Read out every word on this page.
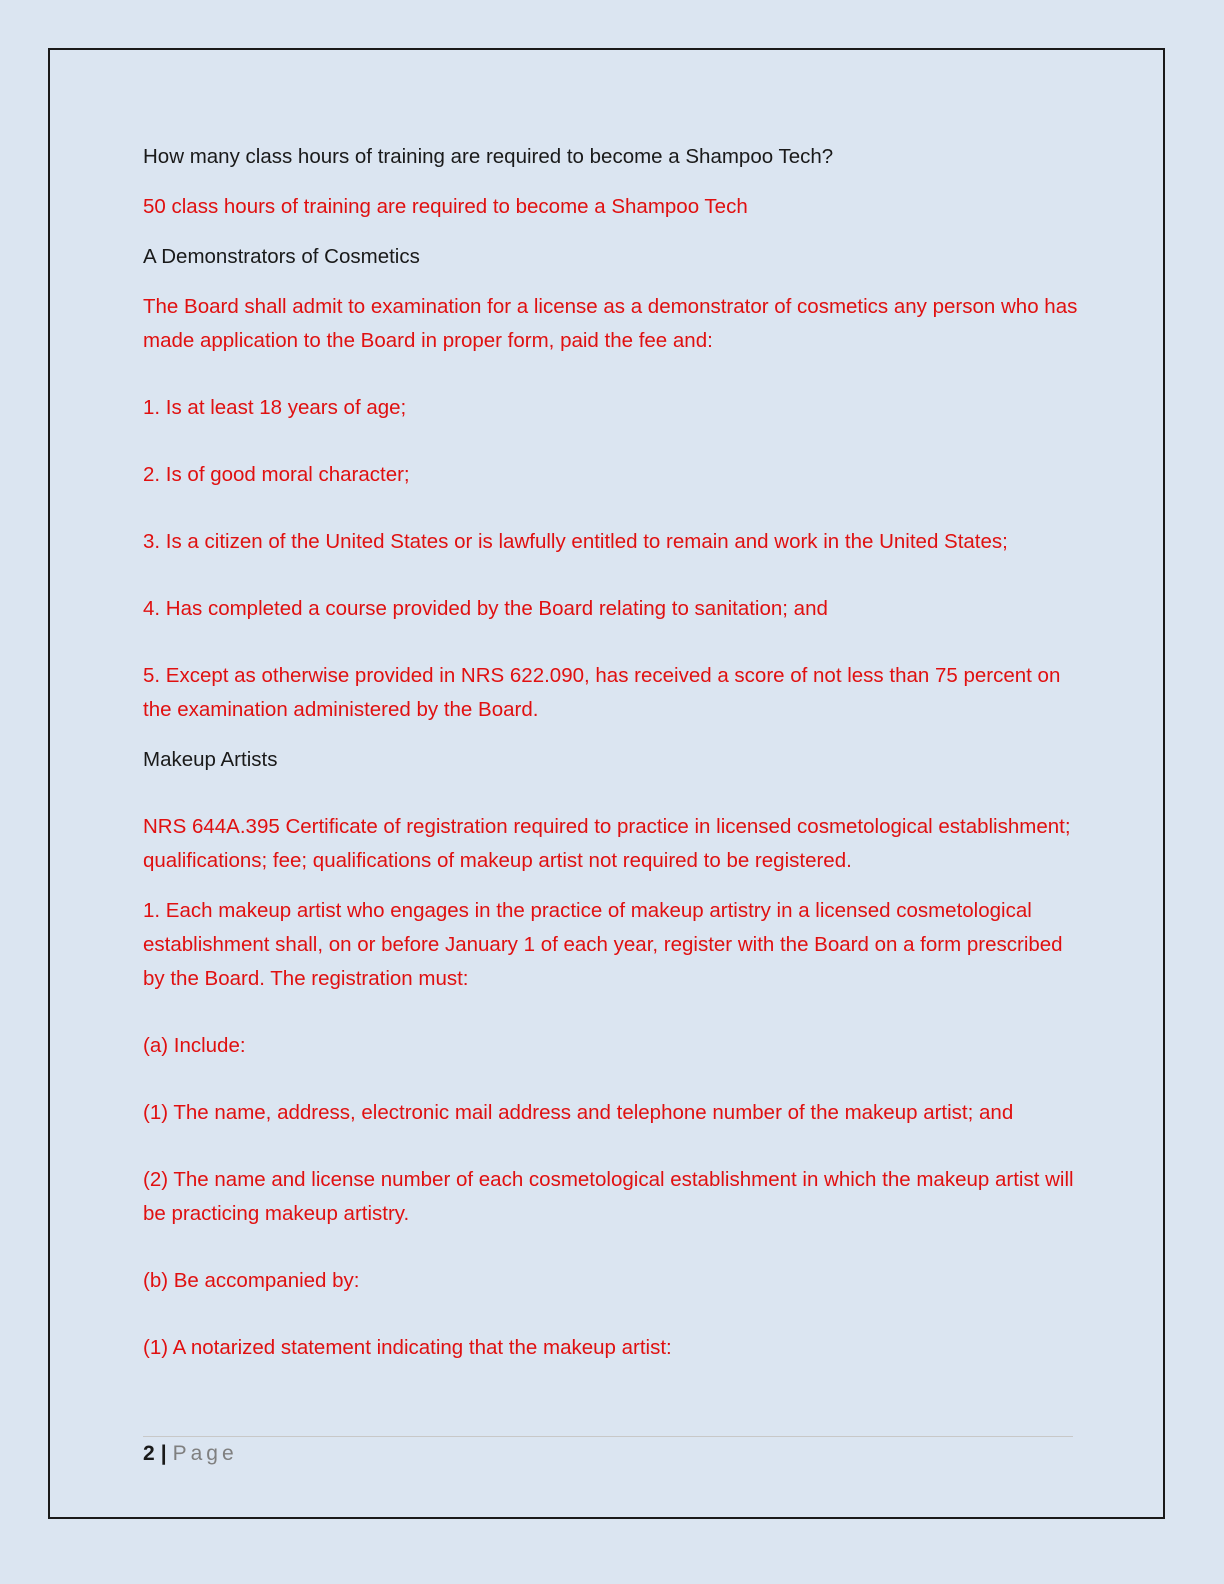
How many class hours of training are required to become a Shampoo Tech?

50 class hours of training are required to become a Shampoo Tech

A Demonstrators of Cosmetics

The Board shall admit to examination for a license as a demonstrator of cosmetics any person who has made application to the Board in proper form, paid the fee and:

1. Is at least 18 years of age;

2. Is of good moral character;

3. Is a citizen of the United States or is lawfully entitled to remain and work in the United States;

4. Has completed a course provided by the Board relating to sanitation; and

5. Except as otherwise provided in NRS 622.090, has received a score of not less than 75 percent on the examination administered by the Board.

Makeup Artists

NRS 644A.395 Certificate of registration required to practice in licensed cosmetological establishment; qualifications; fee; qualifications of makeup artist not required to be registered.

1. Each makeup artist who engages in the practice of makeup artistry in a licensed cosmetological establishment shall, on or before January 1 of each year, register with the Board on a form prescribed by the Board. The registration must:

(a) Include:

(1) The name, address, electronic mail address and telephone number of the makeup artist; and

(2) The name and license number of each cosmetological establishment in which the makeup artist will be practicing makeup artistry.

(b) Be accompanied by:

(1) A notarized statement indicating that the makeup artist:

2 | Page
